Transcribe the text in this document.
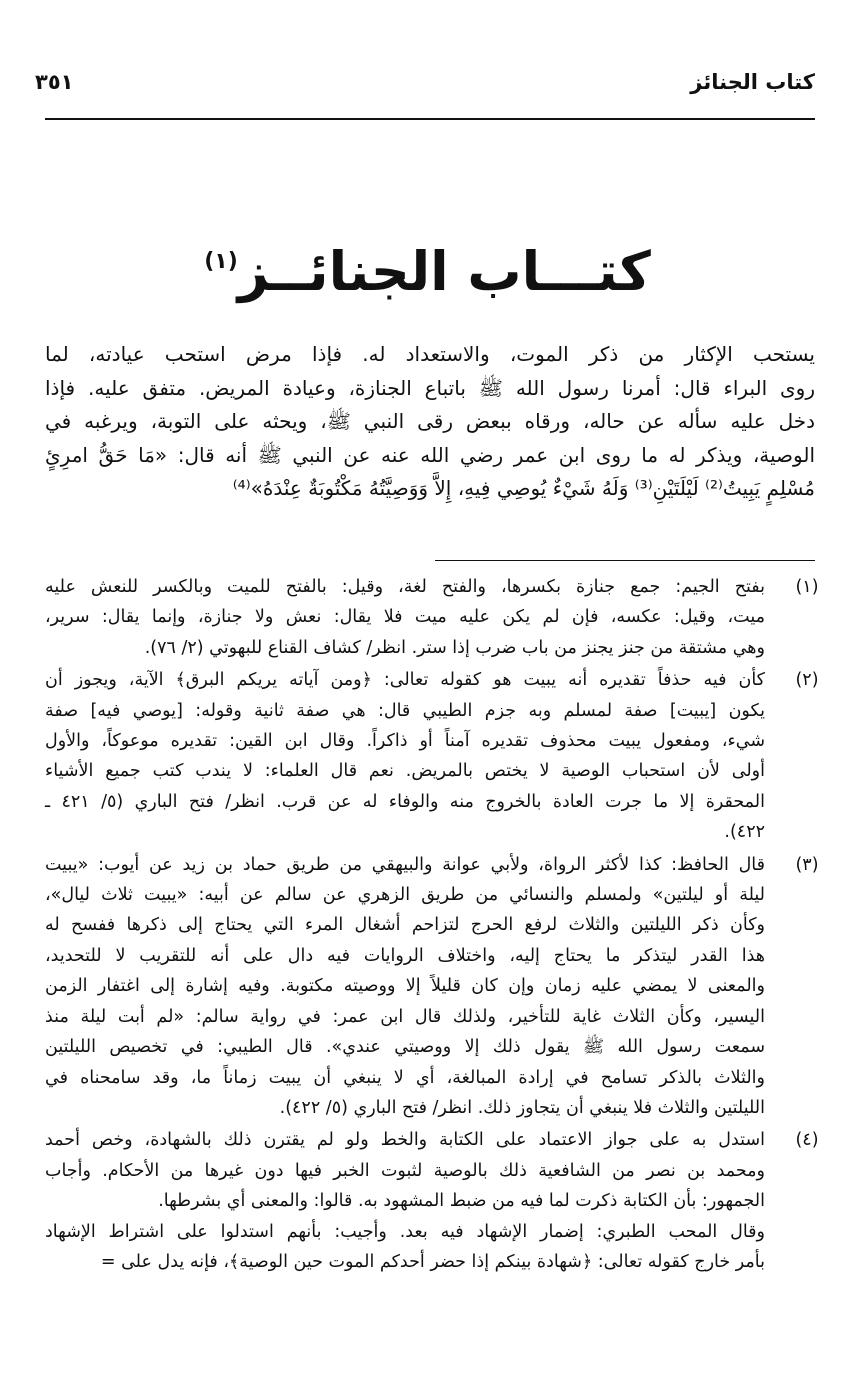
كتاب الجنائز
٣٥١
كتـــاب الجنائــز$^{(١)}$
يستحب الإكثار من ذكر الموت، والاستعداد له. فإذا مرض استحب عيادته، لما
روى البراء قال: أمرنا رسول الله ﷺ باتباع الجنازة، وعيادة المريض. متفق عليه. فإذا
دخل عليه سأله عن حاله، ورقاه ببعض رقى النبي ﷺ، ويحثه على التوبة، ويرغبه في
الوصية، ويذكر له ما روى ابن عمر رضي الله عنه عن النبي ﷺ أنه قال: «مَا حَقُّ امرِئٍ
مُسْلِمٍ يَبِيتُ⁽²⁾ لَيْلَتَيْنِ⁽³⁾ وَلَهُ شَيْءٌ يُوصِي فِيهِ، إِلاَّ وَوَصِيَّتُهُ مَكْتُوبَةٌ عِنْدَهُ»⁽⁴⁾
(١)
بفتح الجيم: جمع جنازة بكسرها، والفتح لغة، وقيل: بالفتح للميت وبالكسر للنعش عليه
ميت، وقيل: عكسه، فإن لم يكن عليه ميت فلا يقال: نعش ولا جنازة، وإنما يقال: سرير،
وهي مشتقة من جنز يجنز من باب ضرب إذا ستر. انظر/ كشاف القناع للبهوتي (٢/ ٧٦).
(٢)
كأن فيه حذفاً تقديره أنه يبيت هو كقوله تعالى: ﴿ومن آياته يريكم البرق﴾ الآية، ويجوز أن
يكون [يبيت] صفة لمسلم وبه جزم الطيبي قال: هي صفة ثانية وقوله: [يوصي فيه] صفة
شيء، ومفعول يبيت محذوف تقديره آمناً أو ذاكراً. وقال ابن القين: تقديره موعوكاً، والأول
أولى لأن استحباب الوصية لا يختص بالمريض. نعم قال العلماء: لا يندب كتب جميع الأشياء
المحقرة إلا ما جرت العادة بالخروج منه والوفاء له عن قرب. انظر/ فتح الباري (٥/ ٤٢١ ـ
٤٢٢).
(٣)
قال الحافظ: كذا لأكثر الرواة، ولأبي عوانة والبيهقي من طريق حماد بن زيد عن أيوب: «يبيت
ليلة أو ليلتين» ولمسلم والنسائي من طريق الزهري عن سالم عن أبيه: «يبيت ثلاث ليال»،
وكأن ذكر الليلتين والثلاث لرفع الحرج لتزاحم أشغال المرء التي يحتاج إلى ذكرها ففسح له
هذا القدر ليتذكر ما يحتاج إليه، واختلاف الروايات فيه دال على أنه للتقريب لا للتحديد،
والمعنى لا يمضي عليه زمان وإن كان قليلاً إلا ووصيته مكتوبة. وفيه إشارة إلى اغتفار الزمن
اليسير، وكأن الثلاث غاية للتأخير، ولذلك قال ابن عمر: في رواية سالم: «لم أبت ليلة منذ
سمعت رسول الله ﷺ يقول ذلك إلا ووصيتي عندي». قال الطيبي: في تخصيص الليلتين
والثلاث بالذكر تسامح في إرادة المبالغة، أي لا ينبغي أن يبيت زماناً ما، وقد سامحناه في
الليلتين والثلاث فلا ينبغي أن يتجاوز ذلك. انظر/ فتح الباري (٥/ ٤٢٢).
(٤)
استدل به على جواز الاعتماد على الكتابة والخط ولو لم يقترن ذلك بالشهادة، وخص أحمد
ومحمد بن نصر من الشافعية ذلك بالوصية لثبوت الخبر فيها دون غيرها من الأحكام. وأجاب
الجمهور: بأن الكتابة ذكرت لما فيه من ضبط المشهود به. قالوا: والمعنى أي بشرطها.
وقال المحب الطبري: إضمار الإشهاد فيه بعد. وأجيب: بأنهم استدلوا على اشتراط الإشهاد
بأمر خارج كقوله تعالى: ﴿شهادة بينكم إذا حضر أحدكم الموت حين الوصية﴾، فإنه يدل على =
